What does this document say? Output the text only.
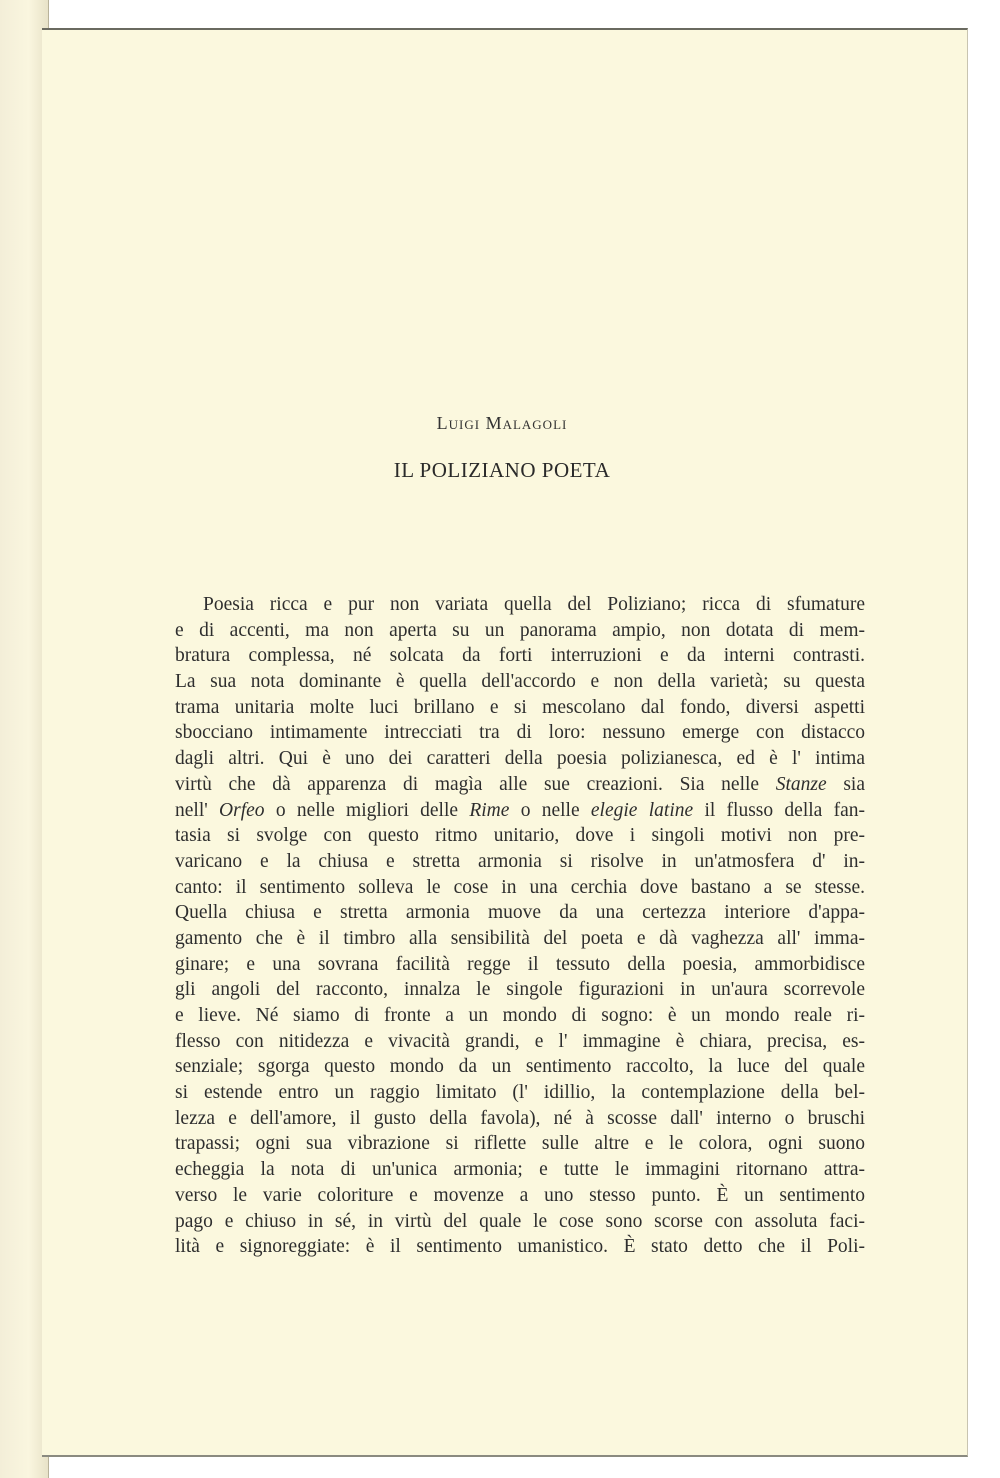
Luigi Malagoli
IL POLIZIANO POETA
Poesia ricca e pur non variata quella del Poliziano; ricca di sfumature
e di accenti, ma non aperta su un panorama ampio, non dotata di mem-
bratura complessa, né solcata da forti interruzioni e da interni contrasti.
La sua nota dominante è quella dell'accordo e non della varietà; su questa
trama unitaria molte luci brillano e si mescolano dal fondo, diversi aspetti
sbocciano intimamente intrecciati tra di loro: nessuno emerge con distacco
dagli altri. Qui è uno dei caratteri della poesia polizianesca, ed è l' intima
virtù che dà apparenza di magìa alle sue creazioni. Sia nelle Stanze sia
nell' Orfeo o nelle migliori delle Rime o nelle elegie latine il flusso della fan-
tasia si svolge con questo ritmo unitario, dove i singoli motivi non pre-
varicano e la chiusa e stretta armonia si risolve in un'atmosfera d' in-
canto: il sentimento solleva le cose in una cerchia dove bastano a se stesse.
Quella chiusa e stretta armonia muove da una certezza interiore d'appa-
gamento che è il timbro alla sensibilità del poeta e dà vaghezza all' imma-
ginare; e una sovrana facilità regge il tessuto della poesia, ammorbidisce
gli angoli del racconto, innalza le singole figurazioni in un'aura scorrevole
e lieve. Né siamo di fronte a un mondo di sogno: è un mondo reale ri-
flesso con nitidezza e vivacità grandi, e l' immagine è chiara, precisa, es-
senziale; sgorga questo mondo da un sentimento raccolto, la luce del quale
si estende entro un raggio limitato (l' idillio, la contemplazione della bel-
lezza e dell'amore, il gusto della favola), né à scosse dall' interno o bruschi
trapassi; ogni sua vibrazione si riflette sulle altre e le colora, ogni suono
echeggia la nota di un'unica armonia; e tutte le immagini ritornano attra-
verso le varie coloriture e movenze a uno stesso punto. È un sentimento
pago e chiuso in sé, in virtù del quale le cose sono scorse con assoluta faci-
lità e signoreggiate: è il sentimento umanistico. È stato detto che il Poli-
